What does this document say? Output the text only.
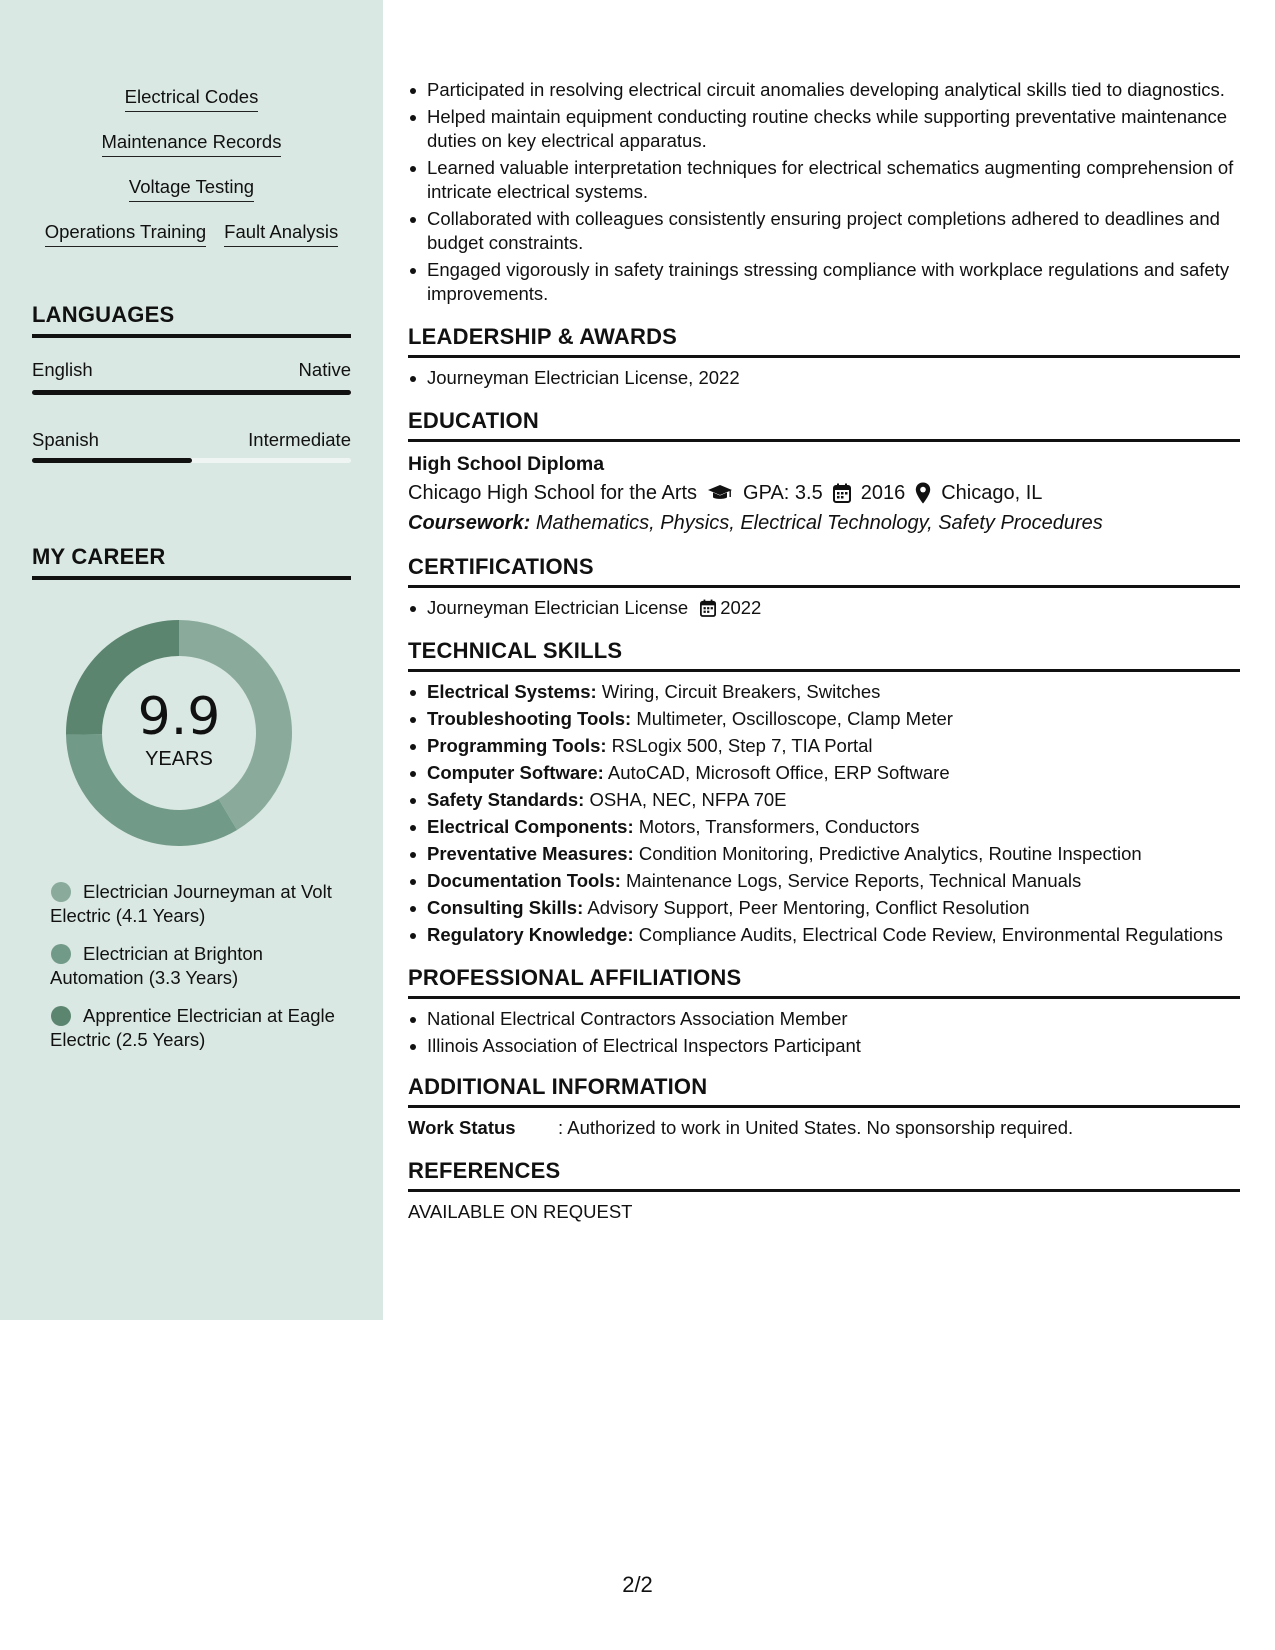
Electrical Codes
Maintenance Records
Voltage Testing
Operations Training Fault Analysis
LANGUAGES
English	Native
Spanish	Intermediate
MY CAREER
9.9
YEARS
Electrician Journeyman at Volt Electric (4.1 Years)
Electrician at Brighton Automation (3.3 Years)
Apprentice Electrician at Eagle Electric (2.5 Years)
Participated in resolving electrical circuit anomalies developing analytical skills tied to diagnostics.
Helped maintain equipment conducting routine checks while supporting preventative maintenance duties on key electrical apparatus.
Learned valuable interpretation techniques for electrical schematics augmenting comprehension of intricate electrical systems.
Collaborated with colleagues consistently ensuring project completions adhered to deadlines and budget constraints.
Engaged vigorously in safety trainings stressing compliance with workplace regulations and safety improvements.
LEADERSHIP & AWARDS
Journeyman Electrician License, 2022
EDUCATION
High School Diploma
Chicago High School for the Arts GPA: 3.5 2016 Chicago, IL
Coursework: Mathematics, Physics, Electrical Technology, Safety Procedures
CERTIFICATIONS
Journeyman Electrician License 2022
TECHNICAL SKILLS
Electrical Systems: Wiring, Circuit Breakers, Switches
Troubleshooting Tools: Multimeter, Oscilloscope, Clamp Meter
Programming Tools: RSLogix 500, Step 7, TIA Portal
Computer Software: AutoCAD, Microsoft Office, ERP Software
Safety Standards: OSHA, NEC, NFPA 70E
Electrical Components: Motors, Transformers, Conductors
Preventative Measures: Condition Monitoring, Predictive Analytics, Routine Inspection
Documentation Tools: Maintenance Logs, Service Reports, Technical Manuals
Consulting Skills: Advisory Support, Peer Mentoring, Conflict Resolution
Regulatory Knowledge: Compliance Audits, Electrical Code Review, Environmental Regulations
PROFESSIONAL AFFILIATIONS
National Electrical Contractors Association Member
Illinois Association of Electrical Inspectors Participant
ADDITIONAL INFORMATION
Work Status	: Authorized to work in United States. No sponsorship required.
REFERENCES
AVAILABLE ON REQUEST
2/2
